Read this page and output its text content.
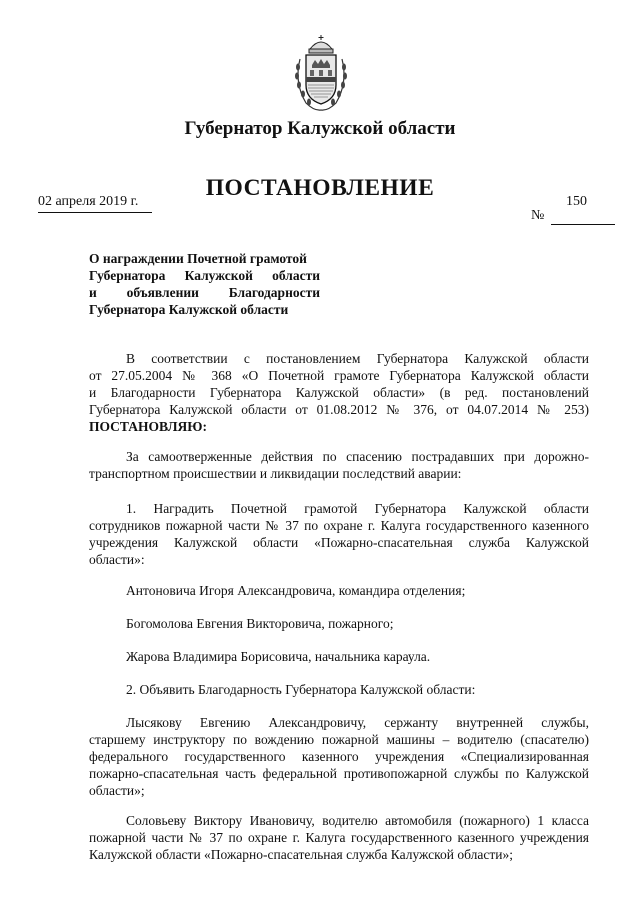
Губернатор Калужской области
ПОСТАНОВЛЕНИЕ
02 апреля 2019 г.	150
№
О награждении Почетной грамотой
Губернатора Калужской области
и объявлении Благодарности
Губернатора Калужской области
В соответствии с постановлением Губернатора Калужской области
от 27.05.2004 № 368 «О Почетной грамоте Губернатора Калужской области
и Благодарности Губернатора Калужской области» (в ред. постановлений
Губернатора Калужской области от 01.08.2012 № 376, от 04.07.2014 № 253)
ПОСТАНОВЛЯЮ:
За самоотверженные действия по спасению пострадавших при дорожно-
транспортном происшествии и ликвидации последствий аварии:
1. Наградить Почетной грамотой Губернатора Калужской области
сотрудников пожарной части № 37 по охране г. Калуга государственного казенного
учреждения Калужской области «Пожарно-спасательная служба Калужской
области»:
Антоновича Игоря Александровича, командира отделения;
Богомолова Евгения Викторовича, пожарного;
Жарова Владимира Борисовича, начальника караула.
2. Объявить Благодарность Губернатора Калужской области:
Лысякову Евгению Александровичу, сержанту внутренней службы,
старшему инструктору по вождению пожарной машины – водителю (спасателю)
федерального государственного казенного учреждения «Специализированная
пожарно-спасательная часть федеральной противопожарной службы по Калужской
области»;
Соловьеву Виктору Ивановичу, водителю автомобиля (пожарного) 1 класса
пожарной части № 37 по охране г. Калуга государственного казенного учреждения
Калужской области «Пожарно-спасательная служба Калужской области»;
